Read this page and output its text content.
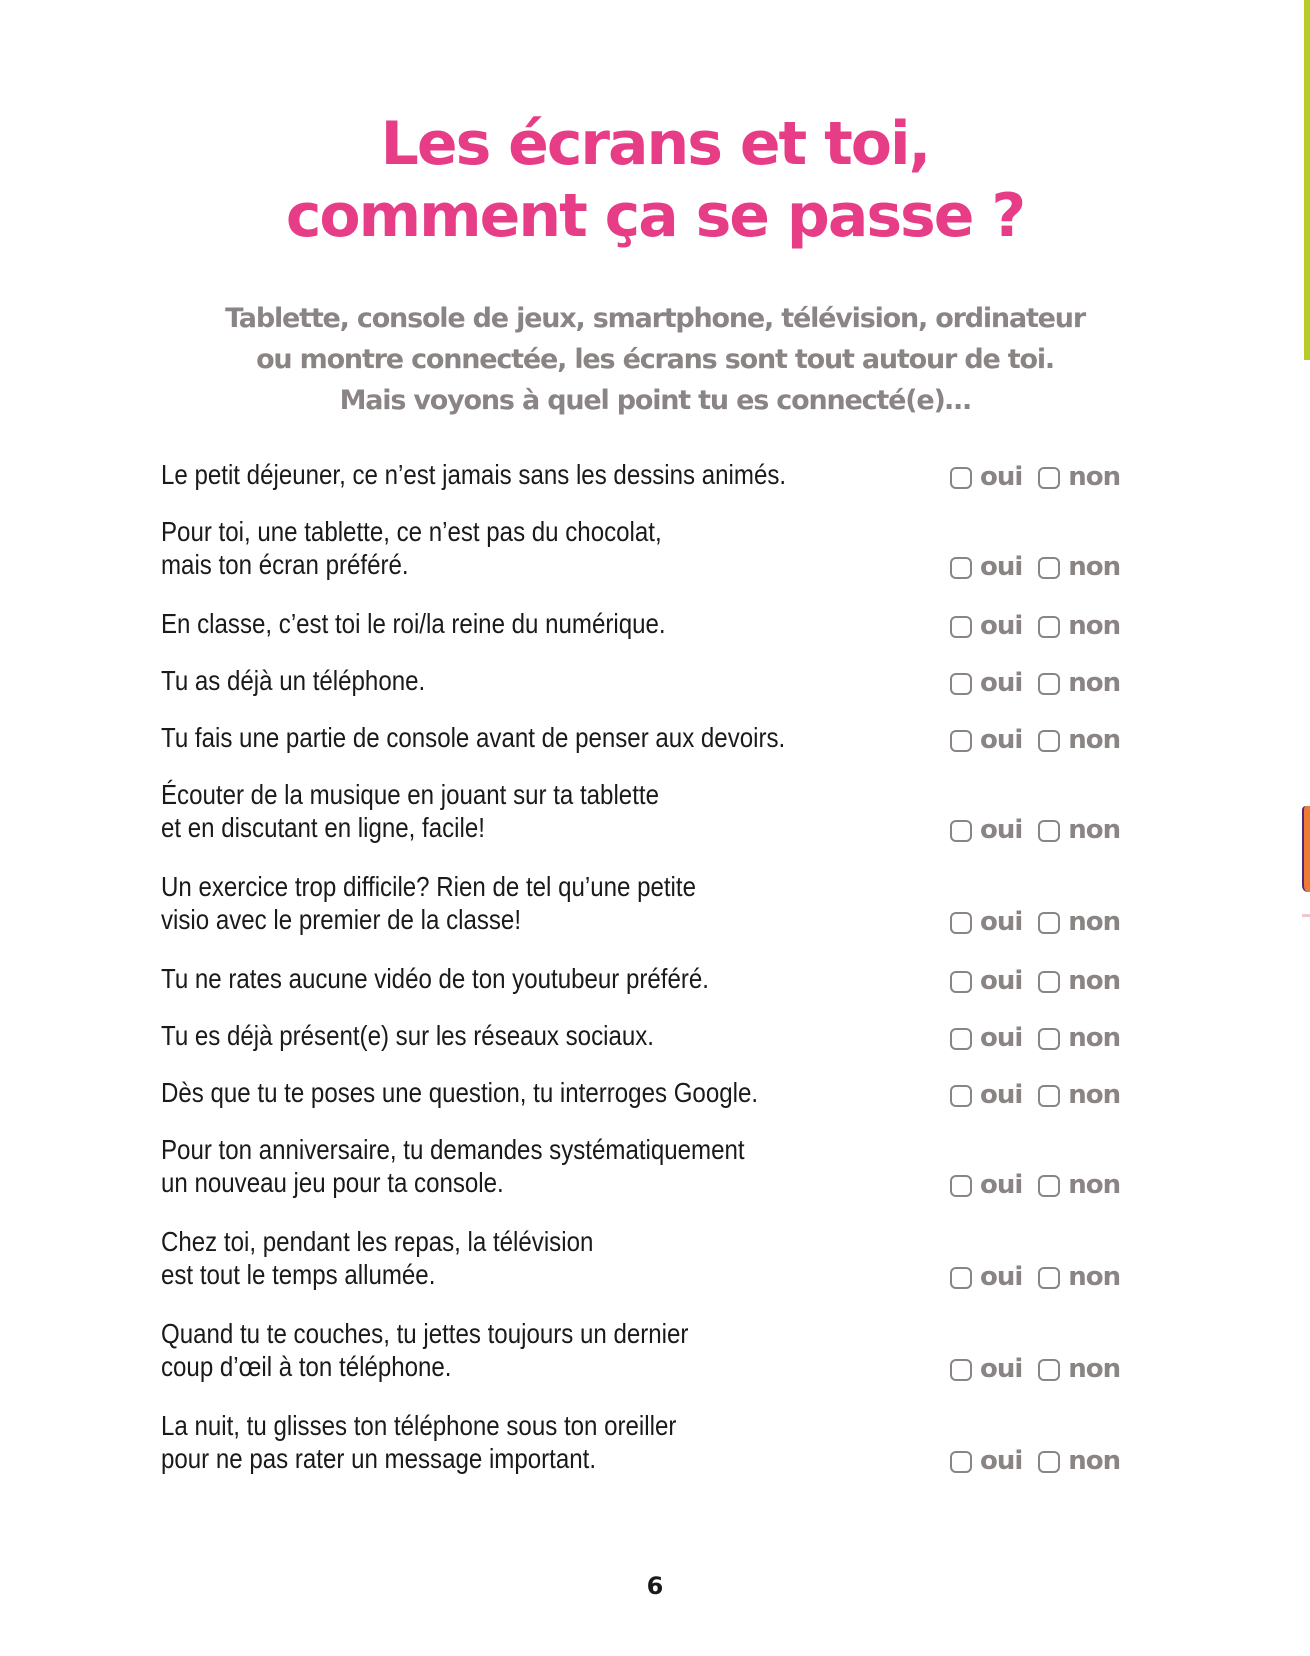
Les écrans et toi,
comment ça se passe ?
Tablette, console de jeux, smartphone, télévision, ordinateur
ou montre connectée, les écrans sont tout autour de toi.
Mais voyons à quel point tu es connecté(e)…
Le petit déjeuner, ce n’est jamais sans les dessins animés.	oui non
Pour toi, une tablette, ce n’est pas du chocolat,
mais ton écran préféré.	oui non
En classe, c’est toi le roi/la reine du numérique.	oui non
Tu as déjà un téléphone.	oui non
Tu fais une partie de console avant de penser aux devoirs.	oui non
Écouter de la musique en jouant sur ta tablette
et en discutant en ligne, facile!	oui non
Un exercice trop difficile? Rien de tel qu’une petite
visio avec le premier de la classe!	oui non
Tu ne rates aucune vidéo de ton youtubeur préféré.	oui non
Tu es déjà présent(e) sur les réseaux sociaux.	oui non
Dès que tu te poses une question, tu interroges Google.	oui non
Pour ton anniversaire, tu demandes systématiquement
un nouveau jeu pour ta console.	oui non
Chez toi, pendant les repas, la télévision
est tout le temps allumée.	oui non
Quand tu te couches, tu jettes toujours un dernier
coup d’œil à ton téléphone.	oui non
La nuit, tu glisses ton téléphone sous ton oreiller
pour ne pas rater un message important.	oui non
6
